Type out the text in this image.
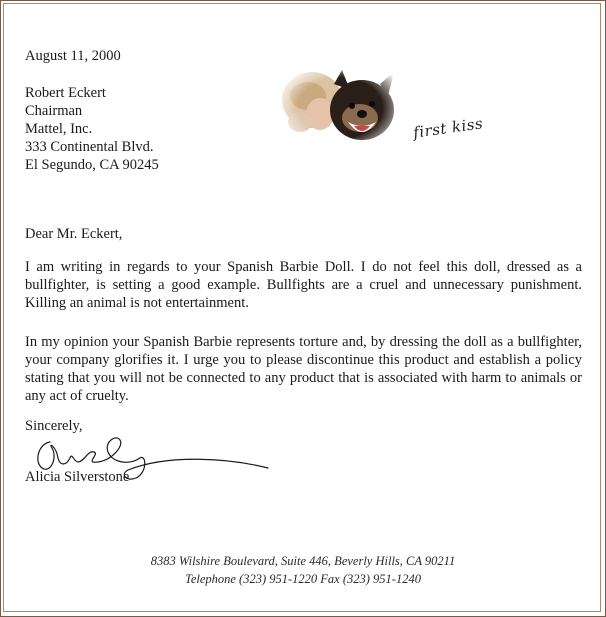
August 11, 2000
Robert Eckert
Chairman
Mattel, Inc.
333 Continental Blvd.
El Segundo, CA 90245
first kiss
Dear Mr. Eckert,
I am writing in regards to your Spanish Barbie Doll. I do not feel this doll, dressed as a bullfighter, is setting a good example. Bullfights are a cruel and unnecessary punishment. Killing an animal is not entertainment.
In my opinion your Spanish Barbie represents torture and, by dressing the doll as a bullfighter, your company glorifies it. I urge you to please discontinue this product and establish a policy stating that you will not be connected to any product that is associated with harm to animals or any act of cruelty.
Sincerely,
Alicia Silverstone
8383 Wilshire Boulevard, Suite 446, Beverly Hills, CA 90211
Telephone (323) 951-1220 Fax (323) 951-1240
